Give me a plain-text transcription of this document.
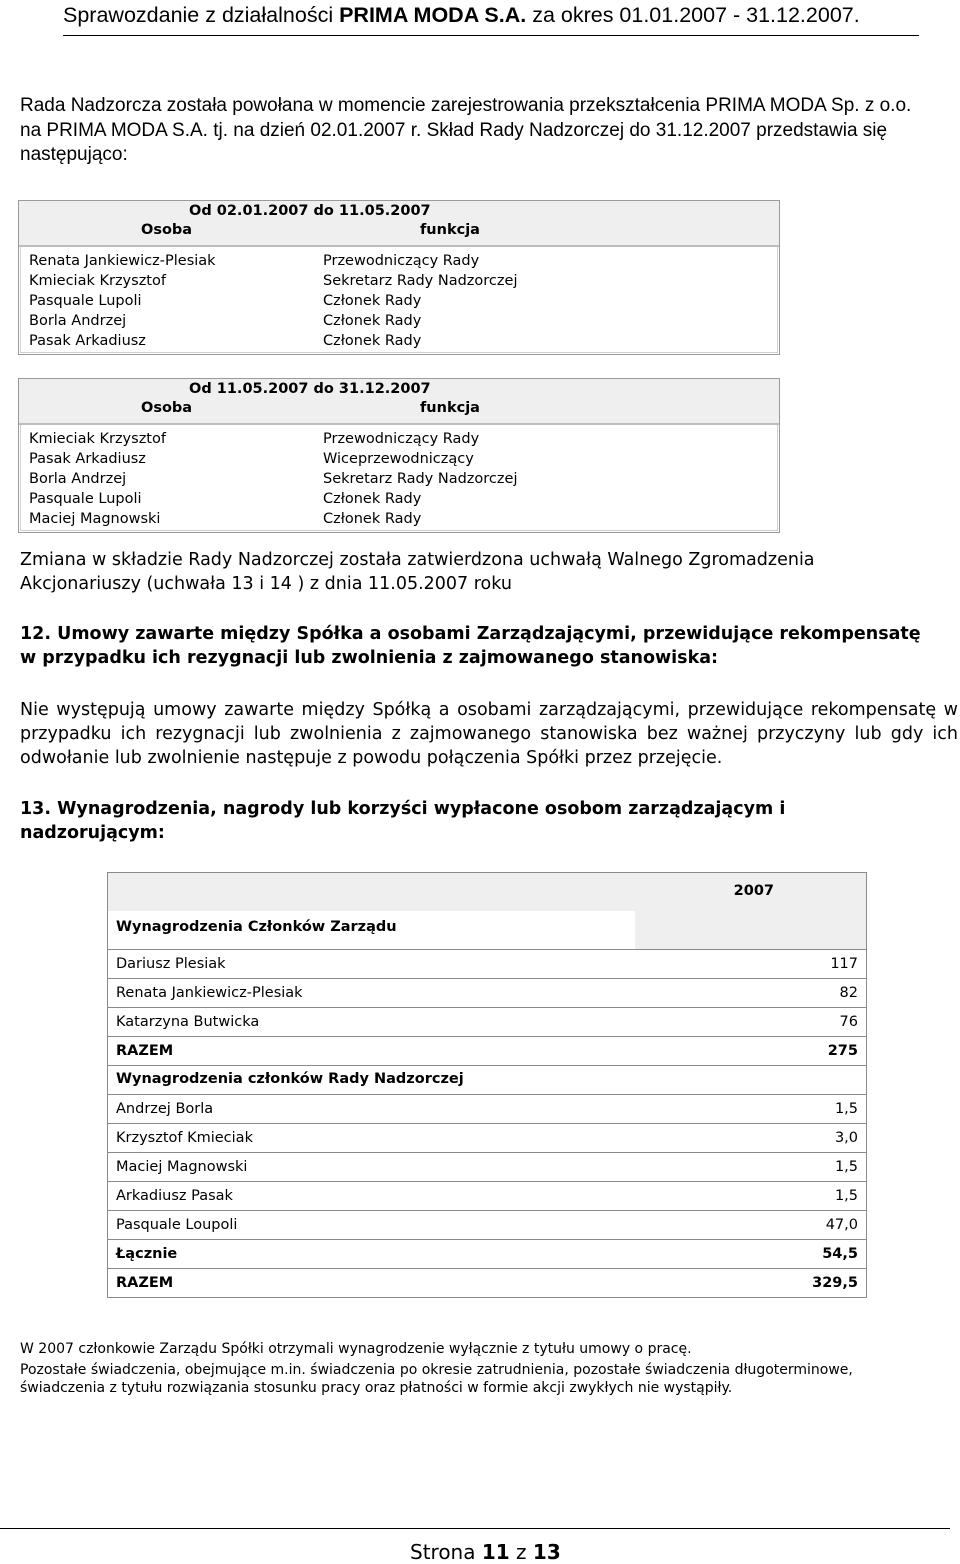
Sprawozdanie z działalności PRIMA MODA S.A. za okres 01.01.2007 - 31.12.2007.
Rada Nadzorcza została powołana w momencie zarejestrowania przekształcenia PRIMA MODA Sp. z o.o. na PRIMA MODA S.A. tj. na dzień 02.01.2007 r. Skład Rady Nadzorczej do 31.12.2007 przedstawia się następująco:
Od 02.01.2007 do 11.05.2007
Osoba	funkcja
Renata Jankiewicz-Plesiak	Przewodniczący Rady
Kmieciak Krzysztof	Sekretarz Rady Nadzorczej
Pasquale Lupoli	Członek Rady
Borla Andrzej	Członek Rady
Pasak Arkadiusz	Członek Rady
Od 11.05.2007 do 31.12.2007
Osoba	funkcja
Kmieciak Krzysztof	Przewodniczący Rady
Pasak Arkadiusz	Wiceprzewodniczący
Borla Andrzej	Sekretarz Rady Nadzorczej
Pasquale Lupoli	Członek Rady
Maciej Magnowski	Członek Rady
Zmiana w składzie Rady Nadzorczej została zatwierdzona uchwałą Walnego Zgromadzenia Akcjonariuszy (uchwała 13 i 14 ) z dnia 11.05.2007 roku
12. Umowy zawarte między Spółka a osobami Zarządzającymi, przewidujące rekompensatę w przypadku ich rezygnacji lub zwolnienia z zajmowanego stanowiska:
Nie występują umowy zawarte między Spółką a osobami zarządzającymi, przewidujące rekompensatę w przypadku ich rezygnacji lub zwolnienia z zajmowanego stanowiska bez ważnej przyczyny lub gdy ich odwołanie lub zwolnienie następuje z powodu połączenia Spółki przez przejęcie.
13. Wynagrodzenia, nagrody lub korzyści wypłacone osobom zarządzającym i nadzorującym:
2007
Wynagrodzenia Członków Zarządu
Dariusz Plesiak	117
Renata Jankiewicz-Plesiak	82
Katarzyna Butwicka	76
RAZEM	275
Wynagrodzenia członków Rady Nadzorczej
Andrzej Borla	1,5
Krzysztof Kmieciak	3,0
Maciej Magnowski	1,5
Arkadiusz Pasak	1,5
Pasquale Loupoli	47,0
Łącznie	54,5
RAZEM	329,5
W 2007 członkowie Zarządu Spółki otrzymali wynagrodzenie wyłącznie z tytułu umowy o pracę.
Pozostałe świadczenia, obejmujące m.in. świadczenia po okresie zatrudnienia, pozostałe świadczenia długoterminowe, świadczenia z tytułu rozwiązania stosunku pracy oraz płatności w formie akcji zwykłych nie wystąpiły.
Strona 11 z 13
